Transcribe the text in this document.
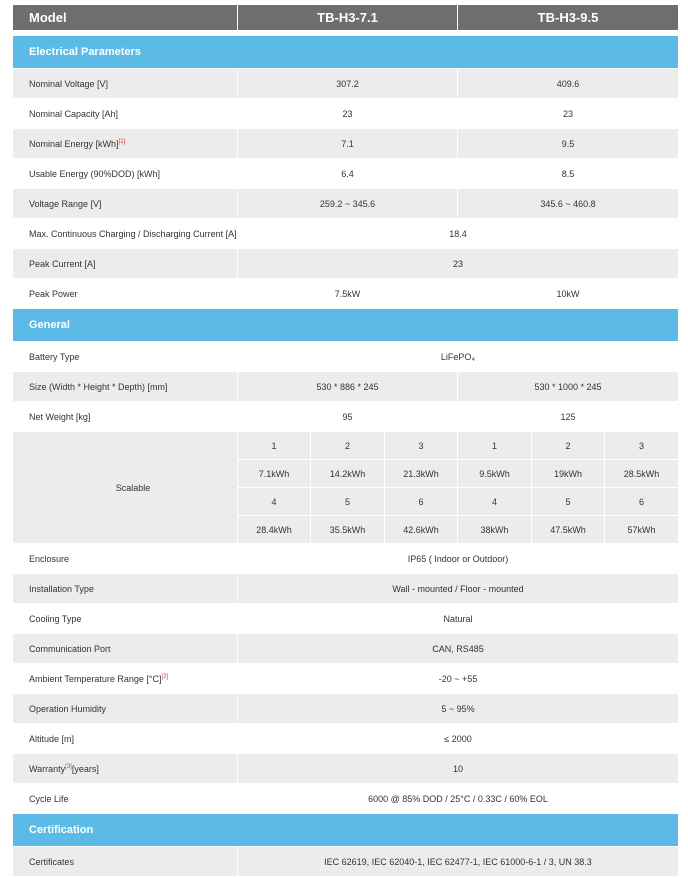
Model	TB-H3-7.1			TB-H3-9.5		

Electrical Parameters						
Nominal Voltage [V]	307.2			409.6		
Nominal Capacity [Ah]	23			23		
Nominal Energy [kWh][1]	7.1			9.5		
Usable Energy (90%DOD) [kWh]	6.4			8.5		
Voltage Range [V]	259.2 ~ 345.6			345.6 ~ 460.8		
Max. Continuous Charging / Discharging Current [A]	18.4					
Peak Current [A]	23					
Peak Power	7.5kW			10kW		
General						
Battery Type	LiFePO₄					
Size (Width * Height * Depth) [mm]	530 * 886 * 245			530 * 1000 * 245		
Net Weight [kg]	95			125		
Scalable	1	2	3	1	2	3
	7.1kWh	14.2kWh	21.3kWh	9.5kWh	19kWh	28.5kWh
	4	5	6	4	5	6
	28.4kWh	35.5kWh	42.6kWh	38kWh	47.5kWh	57kWh
Enclosure	IP65 ( Indoor or Outdoor)					
Installation Type	Wall - mounted / Floor - mounted					
Cooling Type	Natural					
Communication Port	CAN, RS485					
Ambient Temperature Range [°C][2]	-20 ~ +55					
Operation Humidity	5 ~ 95%					
Altitude [m]	≤ 2000					
Warranty[3][years]	10					
Cycle Life	6000 @ 85% DOD / 25°C / 0.33C / 60% EOL					
Certification						
Certificates	IEC 62619, IEC 62040-1, IEC 62477-1, IEC 61000-6-1 / 3, UN 38.3					
